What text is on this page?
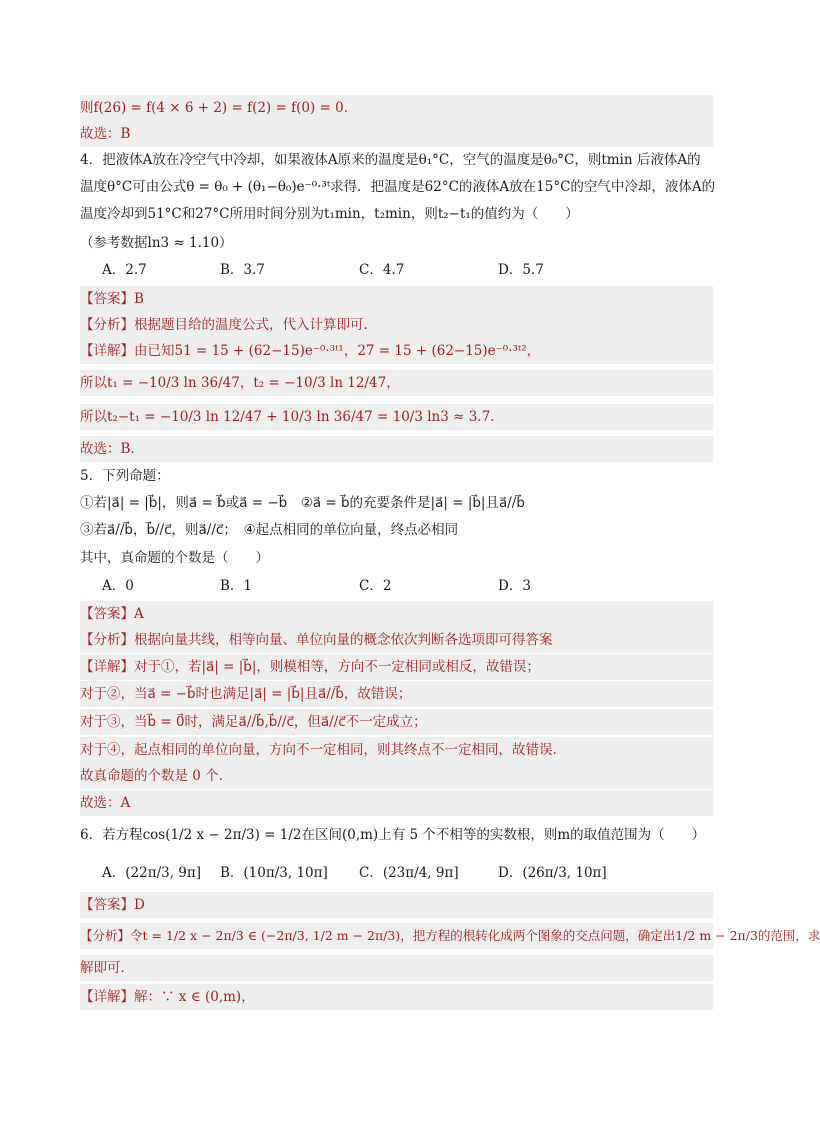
则f(26) = f(4 × 6 + 2) = f(2) = f(0) = 0.
故选：B
4．把液体A放在冷空气中冷却，如果液体A原来的温度是θ₁°C，空气的温度是θ₀°C，则tmin 后液体A的
温度θ°C可由公式θ = θ₀ + (θ₁−θ₀)e⁻⁰·³ᵗ求得．把温度是62°C的液体A放在15°C的空气中冷却，液体A的
温度冷却到51°C和27°C所用时间分别为t₁min，t₂min，则t₂−t₁的值约为（　　）
（参考数据ln3 ≈ 1.10）
A．2.7	B．3.7	C．4.7	D．5.7
【答案】B
【分析】根据题目给的温度公式，代入计算即可.
【详解】由已知51 = 15 + (62−15)e⁻⁰·³ᵗ¹，27 = 15 + (62−15)e⁻⁰·³ᵗ²，
所以t₁ = −10/3 ln 36/47，t₂ = −10/3 ln 12/47，
所以t₂−t₁ = −10/3 ln 12/47 + 10/3 ln 36/47 = 10/3 ln3 ≈ 3.7.
故选：B.
5．下列命题：
①若|a⃗| = |b⃗|，则a⃗ = b⃗或a⃗ = −b⃗　②a⃗ = b⃗的充要条件是|a⃗| = |b⃗|且a⃗//b⃗
③若a⃗//b⃗，b⃗//c⃗，则a⃗//c⃗；　④起点相同的单位向量，终点必相同
其中，真命题的个数是（　　）
A．0	B．1	C．2	D．3
【答案】A
【分析】根据向量共线，相等向量、单位向量的概念依次判断各选项即可得答案
【详解】对于①，若|a⃗| = |b⃗|，则模相等，方向不一定相同或相反，故错误；
对于②，当a⃗ = −b⃗时也满足|a⃗| = |b⃗|且a⃗//b⃗，故错误；
对于③，当b⃗ = 0⃗时，满足a⃗//b⃗,b⃗//c⃗，但a⃗//c⃗不一定成立；
对于④，起点相同的单位向量，方向不一定相同，则其终点不一定相同，故错误.
故真命题的个数是 0 个.
故选：A
6．若方程cos(1/2 x − 2π/3) = 1/2在区间(0,m)上有 5 个不相等的实数根，则m的取值范围为（　　）
A．(22π/3, 9π] B．(10π/3, 10π] C．(23π/4, 9π]	D．(26π/3, 10π]
【答案】D
【分析】令t = 1/2 x − 2π/3 ∈ (−2π/3, 1/2 m − 2π/3)，把方程的根转化成两个图象的交点问题，确定出1/2 m − 2π/3的范围，求
解即可．
【详解】解：∵ x ∈ (0,m)，
